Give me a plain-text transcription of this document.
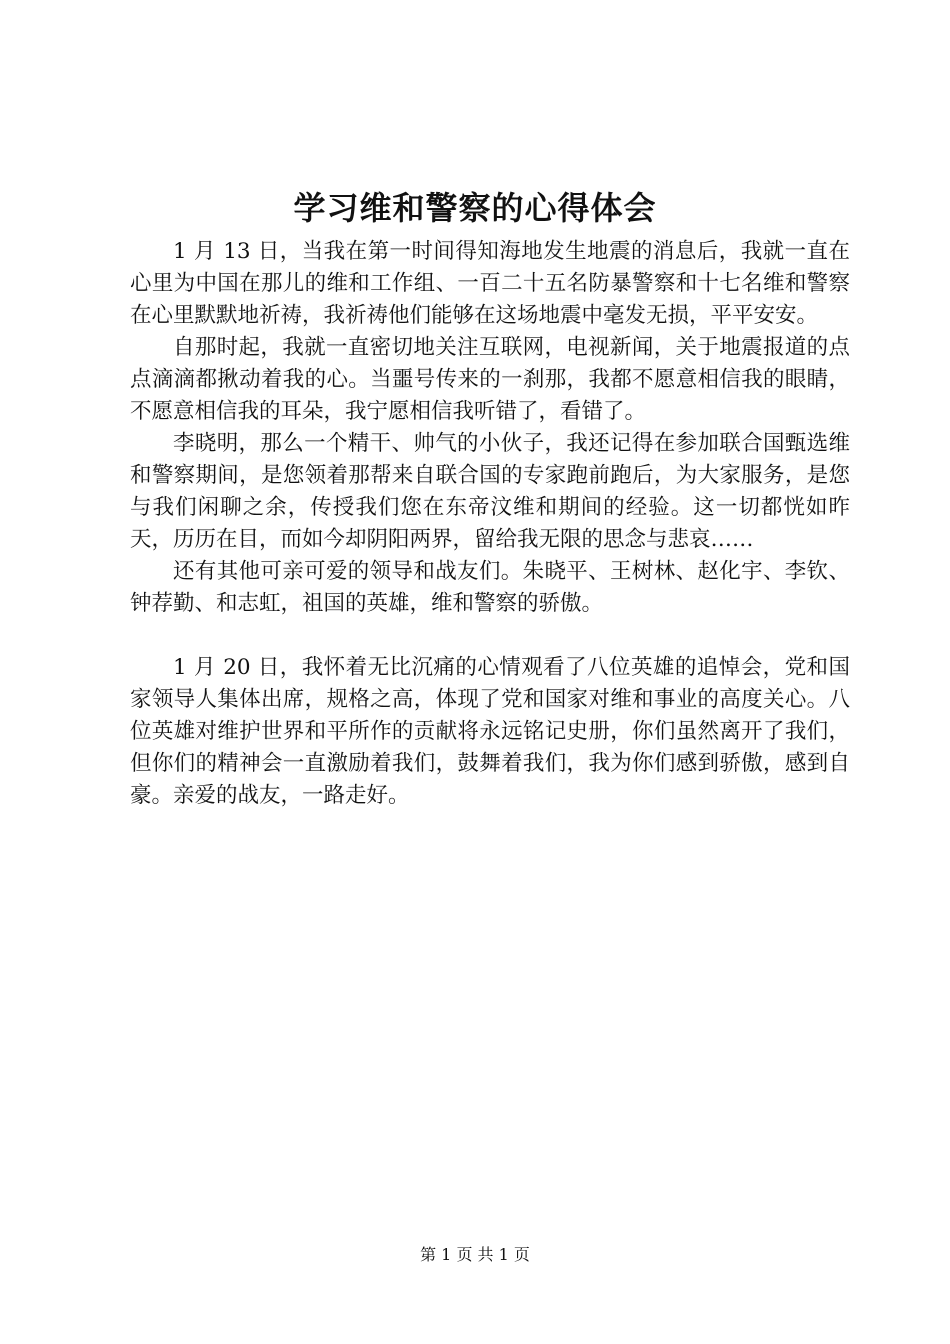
学习维和警察的心得体会

1 月 13 日，当我在第一时间得知海地发生地震的消息后，我就一直在心里为中国在那儿的维和工作组、一百二十五名防暴警察和十七名维和警察在心里默默地祈祷，我祈祷他们能够在这场地震中毫发无损，平平安安。

自那时起，我就一直密切地关注互联网，电视新闻，关于地震报道的点点滴滴都揪动着我的心。当噩号传来的一刹那，我都不愿意相信我的眼睛，不愿意相信我的耳朵，我宁愿相信我听错了，看错了。

李晓明，那么一个精干、帅气的小伙子，我还记得在参加联合国甄选维和警察期间，是您领着那帮来自联合国的专家跑前跑后，为大家服务，是您与我们闲聊之余，传授我们您在东帝汶维和期间的经验。这一切都恍如昨天，历历在目，而如今却阴阳两界，留给我无限的思念与悲哀……

还有其他可亲可爱的领导和战友们。朱晓平、王树林、赵化宇、李钦、钟荐勤、和志虹，祖国的英雄，维和警察的骄傲。

1 月 20 日，我怀着无比沉痛的心情观看了八位英雄的追悼会，党和国家领导人集体出席，规格之高，体现了党和国家对维和事业的高度关心。八位英雄对维护世界和平所作的贡献将永远铭记史册，你们虽然离开了我们，但你们的精神会一直激励着我们，鼓舞着我们，我为你们感到骄傲，感到自豪。亲爱的战友，一路走好。

第 1 页 共 1 页
